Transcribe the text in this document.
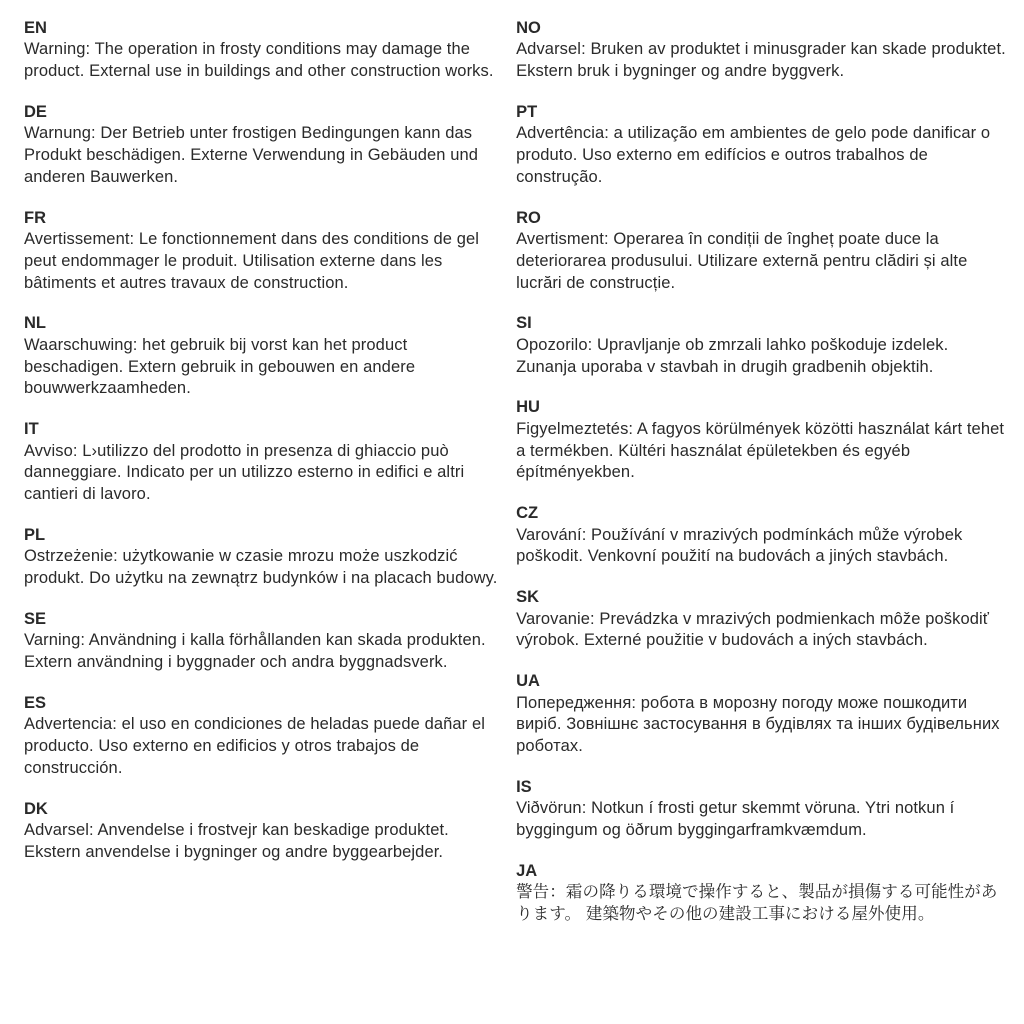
EN

Warning: The operation in frosty conditions may damage the product. External use in buildings and other construction works.

DE

Warnung: Der Betrieb unter frostigen Bedingungen kann das Produkt beschädigen. Externe Verwendung in Gebäuden und anderen Bauwerken.

FR

Avertissement: Le fonctionnement dans des conditions de gel peut endommager le produit. Utilisation externe dans les bâtiments et autres travaux de construction.

NL

Waarschuwing: het gebruik bij vorst kan het product beschadigen. Extern gebruik in gebouwen en andere bouwwerkzaamheden.

IT

Avviso: L›utilizzo del prodotto in presenza di ghiaccio può danneggiare. Indicato per un utilizzo esterno in edifici e altri cantieri di lavoro.

PL

Ostrzeżenie: użytkowanie w czasie mrozu może uszkodzić produkt. Do użytku na zewnątrz budynków i na placach budowy.

SE

Varning: Användning i kalla förhållanden kan skada produkten. Extern användning i byggnader och andra byggnadsverk.

ES

Advertencia: el uso en condiciones de heladas puede dañar el producto. Uso externo en edificios y otros trabajos de construcción.

DK

Advarsel: Anvendelse i frostvejr kan beskadige produktet. Ekstern anvendelse i bygninger og andre byggearbejder.

NO

Advarsel: Bruken av produktet i minusgrader kan skade produktet. Ekstern bruk i bygninger og andre byggverk.

PT

Advertência: a utilização em ambientes de gelo pode danificar o produto. Uso externo em edifícios e outros trabalhos de construção.

RO

Avertisment: Operarea în condiții de îngheț poate duce la deteriorarea produsului. Utilizare externă pentru clădiri și alte lucrări de construcție.

SI

Opozorilo: Upravljanje ob zmrzali lahko poškoduje izdelek. Zunanja uporaba v stavbah in drugih gradbenih objektih.

HU

Figyelmeztetés: A fagyos körülmények közötti használat kárt tehet a termékben. Kültéri használat épületekben és egyéb építményekben.

CZ

Varování: Používání v mrazivých podmínkách může výrobek poškodit. Venkovní použití na budovách a jiných stavbách.

SK

Varovanie: Prevádzka v mrazivých podmienkach môže poškodiť výrobok. Externé použitie v budovách a iných stavbách.

UA

Попередження: робота в морозну погоду може пошкодити виріб. Зовнішнє застосування в будівлях та інших будівельних роботах.

IS

Viðvörun: Notkun í frosti getur skemmt vöruna. Ytri notkun í byggingum og öðrum byggingarframkvæmdum.

JA

警告：霜の降りる環境で操作すると、製品が損傷する可能性があります。 建築物やその他の建設工事における屋外使用。
